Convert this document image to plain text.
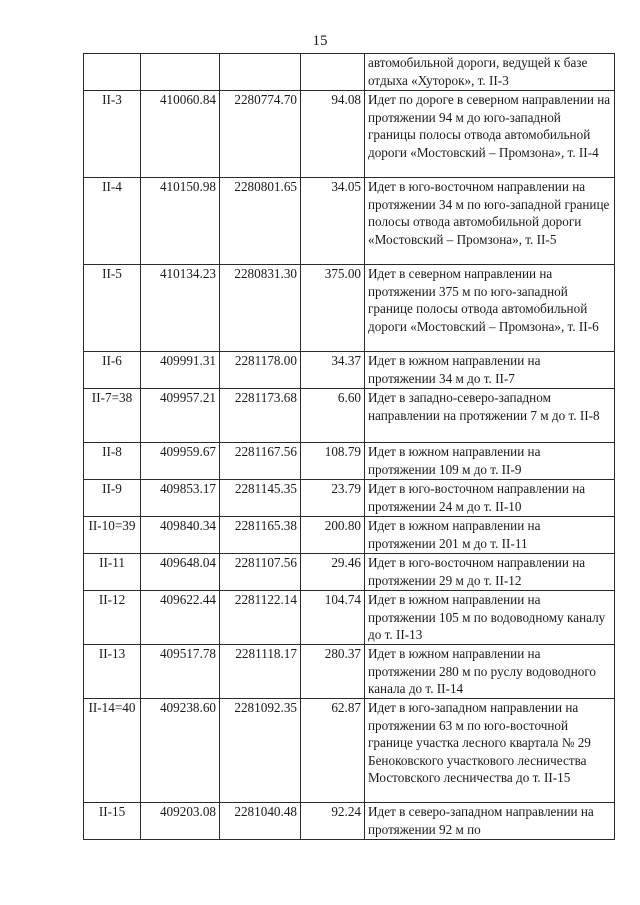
15
				автомобильной дороги, ведущей к базе отдыха «Хуторок», т. II-3
II-3	410060.84	2280774.70	94.08	Идет по дороге в северном направлении на протяжении 94 м до юго-западной границы полосы отвода автомобильной дороги «Мостовский – Промзона», т. II-4
II-4	410150.98	2280801.65	34.05	Идет в юго-восточном направлении на протяжении 34 м по юго-западной границе полосы отвода автомобильной дороги «Мостовский – Промзона», т. II-5
II-5	410134.23	2280831.30	375.00	Идет в северном направлении на протяжении 375 м по юго-западной границе полосы отвода автомобильной дороги «Мостовский – Промзона», т. II-6
II-6	409991.31	2281178.00	34.37	Идет в южном направлении на протяжении 34 м до т. II-7
II-7=38	409957.21	2281173.68	6.60	Идет в западно-северо-западном направлении на протяжении 7 м до т. II-8
II-8	409959.67	2281167.56	108.79	Идет в южном направлении на протяжении 109 м до т. II-9
II-9	409853.17	2281145.35	23.79	Идет в юго-восточном направлении на протяжении 24 м до т. II-10
II-10=39	409840.34	2281165.38	200.80	Идет в южном направлении на протяжении 201 м до т. II-11
II-11	409648.04	2281107.56	29.46	Идет в юго-восточном направлении на протяжении 29 м до т. II-12
II-12	409622.44	2281122.14	104.74	Идет в южном направлении на протяжении 105 м по водоводному каналу до т. II-13
II-13	409517.78	2281118.17	280.37	Идет в южном направлении на протяжении 280 м по руслу водоводного канала до т. II-14
II-14=40	409238.60	2281092.35	62.87	Идет в юго-западном направлении на протяжении 63 м по юго-восточной границе участка лесного квартала № 29 Беноковского участкового лесничества Мостовского лесничества до т. II-15
II-15	409203.08	2281040.48	92.24	Идет в северо-западном направлении на протяжении 92 м по
